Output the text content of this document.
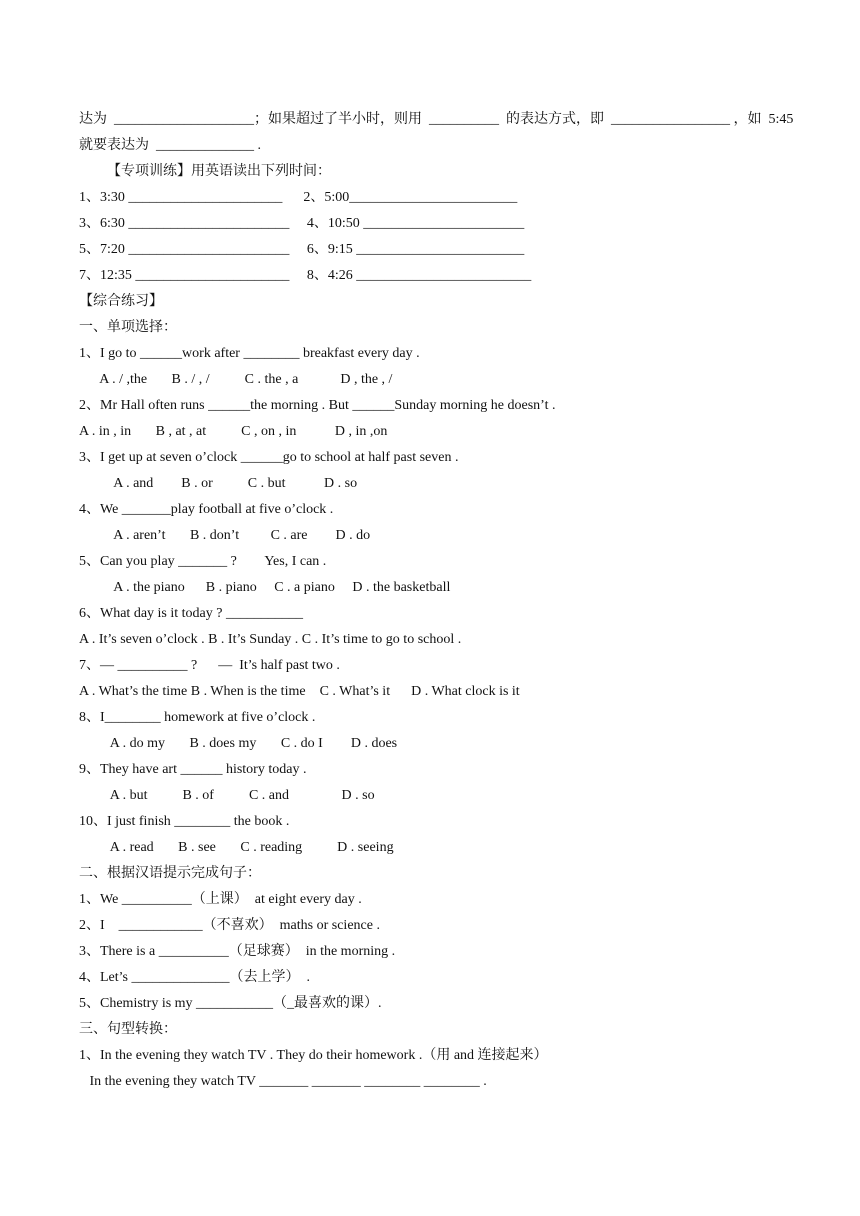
达为  ____________________；如果超过了半小时，则用  __________  的表达方式，即  _________________ ，如  5:45
就要表达为  ______________ .
【专项训练】用英语读出下列时间：
1、3:30 ______________________      2、5:00________________________
3、6:30 _______________________     4、10:50 _______________________
5、7:20 _______________________     6、9:15 ________________________
7、12:35 ______________________     8、4:26 _________________________
【综合练习】
一、单项选择：
1、I go to ______work after ________ breakfast every day .
A . / ,the       B . / , /          C . the , a            D , the , /
2、Mr Hall often runs ______the morning . But ______Sunday morning he doesn’t .
A . in , in       B , at , at          C , on , in           D , in ,on
3、I get up at seven o’clock ______go to school at half past seven .
A . and        B . or          C . but           D . so
4、We _______play football at five o’clock .
A . aren’t       B . don’t         C . are        D . do
5、Can you play _______ ?        Yes, I can .
A . the piano      B . piano     C . a piano     D . the basketball
6、What day is it today ? ___________
A . It’s seven o’clock . B . It’s Sunday . C . It’s time to go to school .
7、— __________ ?      —  It’s half past two .
A . What’s the time B . When is the time    C . What’s it      D . What clock is it
8、I________ homework at five o’clock .
A . do my       B . does my       C . do I        D . does
9、They have art ______ history today .
A . but          B . of          C . and               D . so
10、I just finish ________ the book .
A . read       B . see       C . reading          D . seeing
二、根据汉语提示完成句子：
1、We __________（上课）  at eight every day .
2、I    ____________（不喜欢）  maths or science .
3、There is a __________（足球赛）  in the morning .
4、Let’s ______________（去上学）  .
5、Chemistry is my ___________（_最喜欢的课）.
三、句型转换：
1、In the evening they watch TV . They do their homework .（用 and 连接起来）
In the evening they watch TV _______ _______ ________ ________ .
